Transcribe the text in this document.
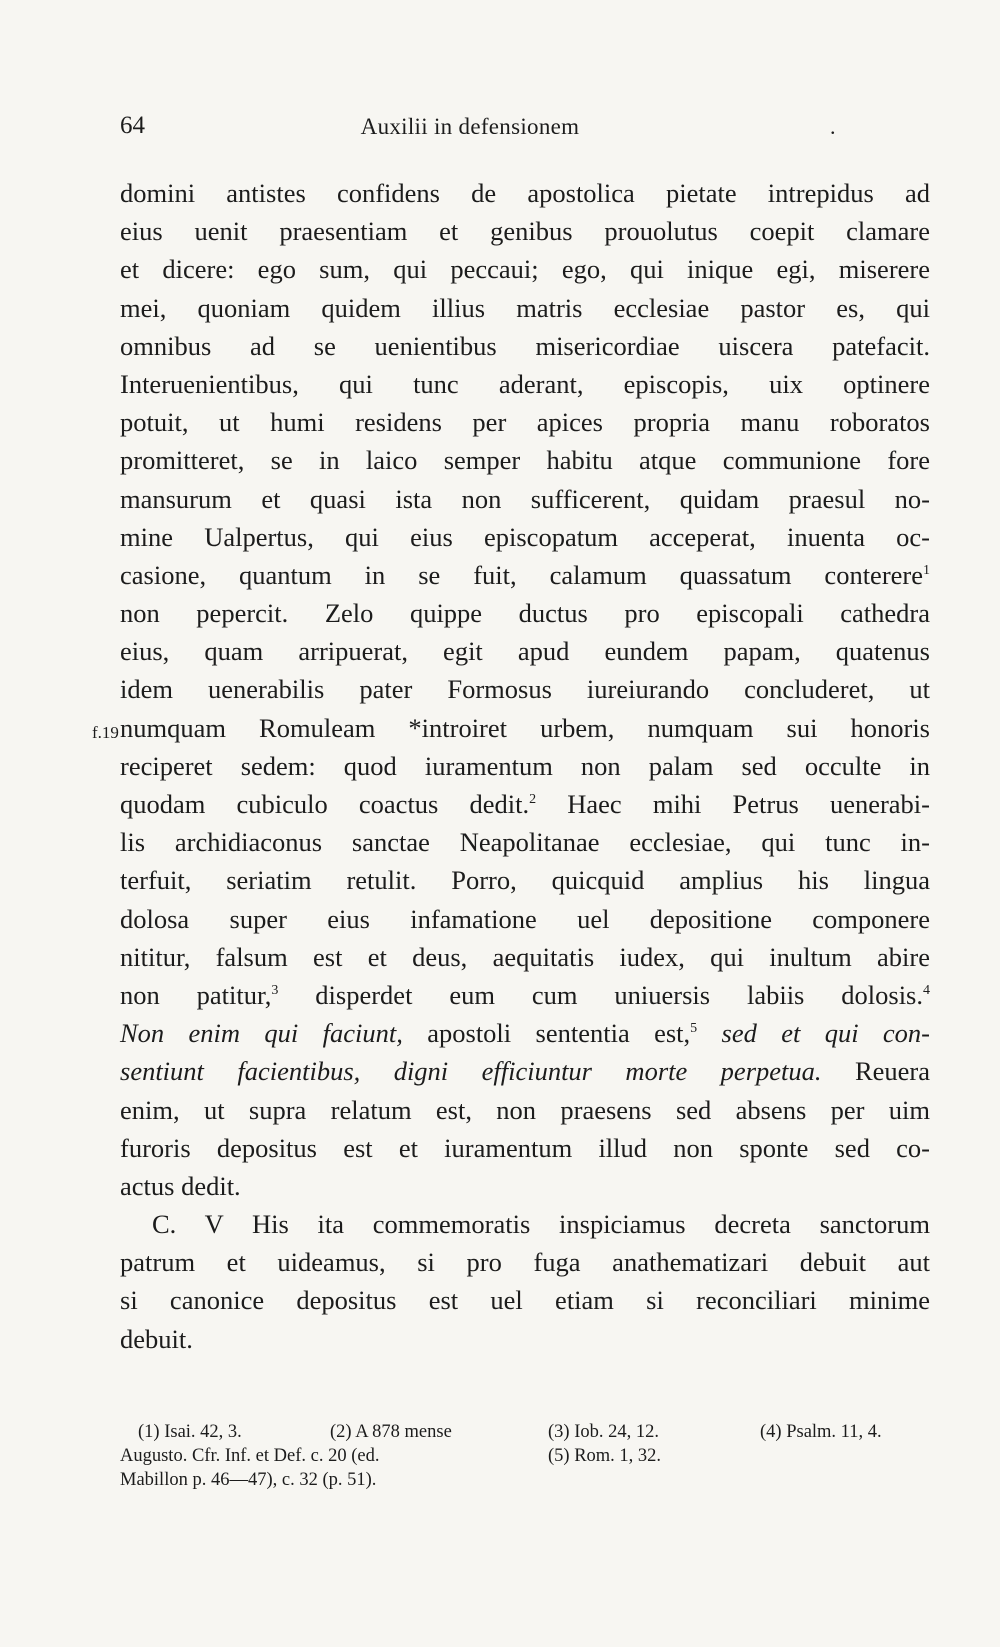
64	Auxilii in defensionem	.
f.19
domini antistes confidens de apostolica pietate intrepidus ad
eius uenit praesentiam et genibus prouolutus coepit clamare
et dicere: ego sum, qui peccaui; ego, qui inique egi, miserere
mei, quoniam quidem illius matris ecclesiae pastor es, qui
omnibus ad se uenientibus misericordiae uiscera patefacit.
Interuenientibus, qui tunc aderant, episcopis, uix optinere
potuit, ut humi residens per apices propria manu roboratos
promitteret, se in laico semper habitu atque communione fore
mansurum et quasi ista non sufficerent, quidam praesul no-
mine Ualpertus, qui eius episcopatum acceperat, inuenta oc-
casione, quantum in se fuit, calamum quassatum conterere$^1$
non pepercit. Zelo quippe ductus pro episcopali cathedra
eius, quam arripuerat, egit apud eundem papam, quatenus
idem uenerabilis pater Formosus iureiurando concluderet, ut
numquam Romuleam *introiret urbem, numquam sui honoris
reciperet sedem: quod iuramentum non palam sed occulte in
quodam cubiculo coactus dedit.$^2$ Haec mihi Petrus uenerabi-
lis archidiaconus sanctae Neapolitanae ecclesiae, qui tunc in-
terfuit, seriatim retulit. Porro, quicquid amplius his lingua
dolosa super eius infamatione uel depositione componere
nititur, falsum est et deus, aequitatis iudex, qui inultum abire
non patitur,$^3$ disperdet eum cum uniuersis labiis dolosis.$^4$
Non enim qui faciunt, apostoli sententia est,$^5$ sed et qui con-
sentiunt facientibus, digni efficiuntur morte perpetua. Reuera
enim, ut supra relatum est, non praesens sed absens per uim
furoris depositus est et iuramentum illud non sponte sed co-
actus dedit.
C. V His ita commemoratis inspiciamus decreta sanctorum
patrum et uideamus, si pro fuga anathematizari debuit aut
si canonice depositus est uel etiam si reconciliari minime
debuit.
(1) Isai. 42, 3.	(2) A 878 mense	(3) Iob. 24, 12.	(4) Psalm. 11, 4.
Augusto. Cfr. Inf. et Def. c. 20 (ed.	(5) Rom. 1, 32.
Mabillon p. 46—47), c. 32 (p. 51).
